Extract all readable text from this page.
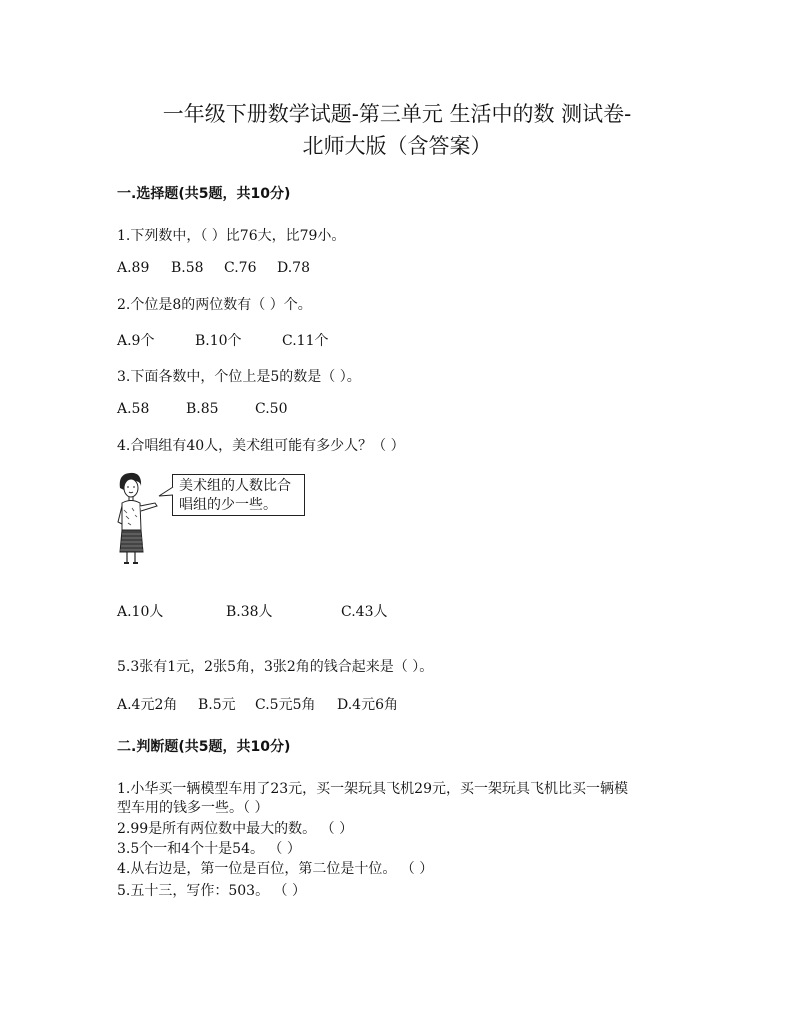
一年级下册数学试题-第三单元 生活中的数 测试卷-
北师大版（含答案）
一.选择题(共5题，共10分)
1.下列数中，（ ）比76大，比79小。
A.89 B.58 C.76 D.78
2.个位是8的两位数有（ ）个。
A.9个	B.10个	C.11个
3.下面各数中，个位上是5的数是（ ）。
A.58	B.85	C.50
4.合唱组有40人，美术组可能有多少人？（ ）
美术组的人数比合
唱组的少一些。
A.10人	B.38人	C.43人
5.3张有1元，2张5角，3张2角的钱合起来是（ ）。
A.4元2角 B.5元 C.5元5角 D.4元6角
二.判断题(共5题，共10分)
1.小华买一辆模型车用了23元，买一架玩具飞机29元，买一架玩具飞机比买一辆模
型车用的钱多一些。（ ）
2.99是所有两位数中最大的数。 （ ）
3.5个一和4个十是54。 （ ）
4.从右边是，第一位是百位，第二位是十位。 （ ）
5.五十三，写作：503。 （ ）
